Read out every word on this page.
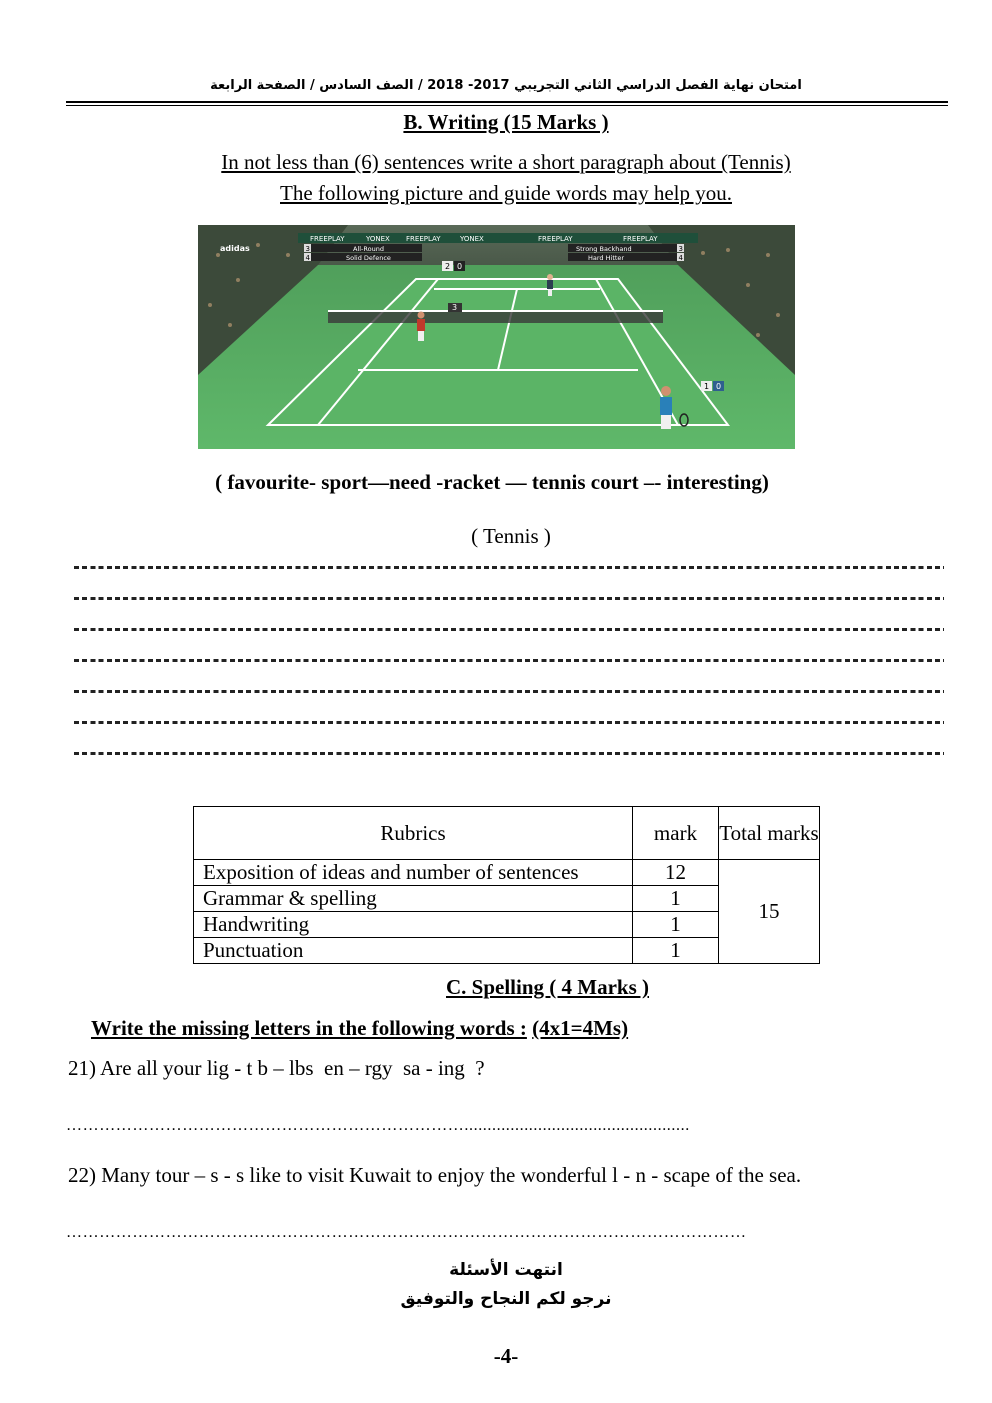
امتحان نهاية الفصل الدراسي الثاني التجريبي 2017- 2018 / الصف السادس / الصفحة الرابعة
B. Writing (15 Marks )
In not less than (6) sentences write a short paragraph about (Tennis)
The following picture and guide words may help you.
FREEPLAY	YONEX FREEPLAY	YONEX	FREEPLAY	FREEPLAY
adidas	3
4
All-Round
Solid Defence
3
4
Strong Backhand
Hard Hitter
2 0
3
1 0
( favourite- sport—need -racket — tennis court –- interesting)
( Tennis )
Rubrics	mark	Total marks
Exposition of ideas and number of sentences	12	15
Grammar & spelling	1	
Handwriting	1	
Punctuation	1	
C. Spelling ( 4 Marks )
Write the missing letters in the following words : (4x1=4Ms)
21) Are all your lig - t b – lbs  en – rgy  sa - ing  ?
……………………………………………………………….................................................
22) Many tour – s - s like to visit Kuwait to enjoy the wonderful l - n - scape of the sea.
……………………………………………………………………………………………………………
انتهت الأسئلة
نرجو لكم النجاح والتوفيق
-4-
